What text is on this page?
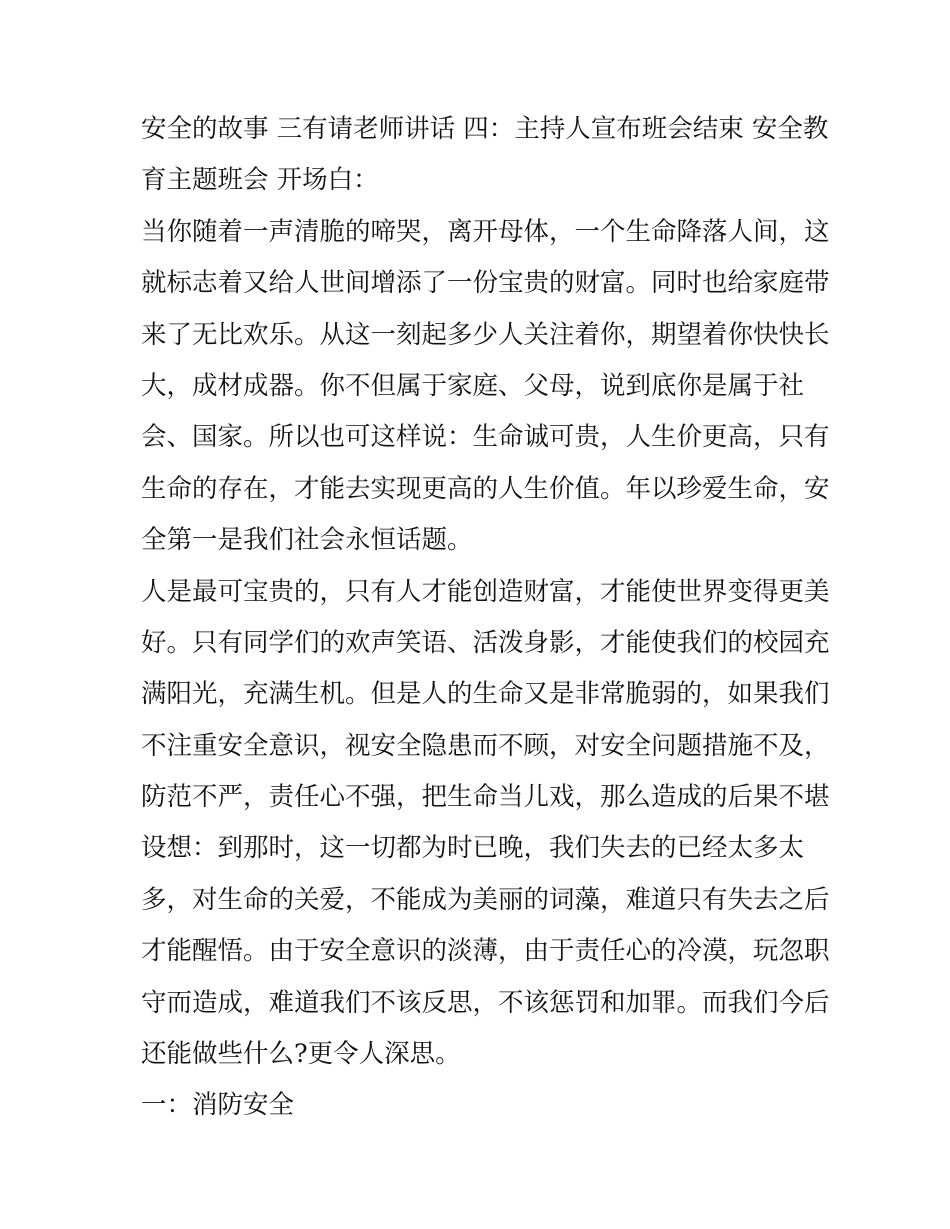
安全的故事 三有请老师讲话 四：主持人宣布班会结束 安全教
育主题班会 开场白：
当你随着一声清脆的啼哭，离开母体，一个生命降落人间，这
就标志着又给人世间增添了一份宝贵的财富。同时也给家庭带
来了无比欢乐。从这一刻起多少人关注着你，期望着你快快长
大，成材成器。你不但属于家庭、父母，说到底你是属于社
会、国家。所以也可这样说：生命诚可贵，人生价更高，只有
生命的存在，才能去实现更高的人生价值。年以珍爱生命，安
全第一是我们社会永恒话题。
人是最可宝贵的，只有人才能创造财富，才能使世界变得更美
好。只有同学们的欢声笑语、活泼身影，才能使我们的校园充
满阳光，充满生机。但是人的生命又是非常脆弱的，如果我们
不注重安全意识，视安全隐患而不顾，对安全问题措施不及，
防范不严，责任心不强，把生命当儿戏，那么造成的后果不堪
设想：到那时，这一切都为时已晚，我们失去的已经太多太
多，对生命的关爱，不能成为美丽的词藻，难道只有失去之后
才能醒悟。由于安全意识的淡薄，由于责任心的冷漠，玩忽职
守而造成，难道我们不该反思，不该惩罚和加罪。而我们今后
还能做些什么?更令人深思。
一：消防安全
